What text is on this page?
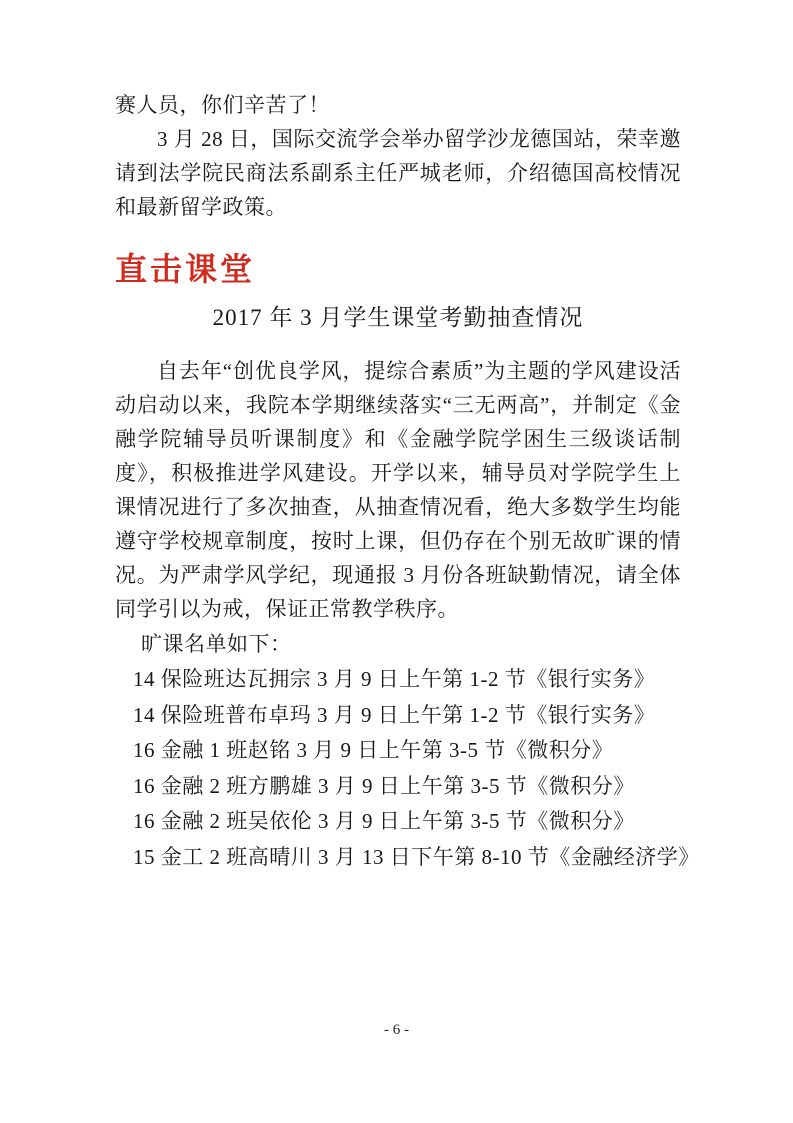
赛人员，你们辛苦了！

3 月 28 日，国际交流学会举办留学沙龙德国站，荣幸邀请到法学院民商法系副系主任严城老师，介绍德国高校情况和最新留学政策。

直击课堂
2017 年 3 月学生课堂考勤抽查情况

自去年“创优良学风，提综合素质”为主题的学风建设活动启动以来，我院本学期继续落实“三无两高”，并制定《金融学院辅导员听课制度》和《金融学院学困生三级谈话制度》，积极推进学风建设。开学以来，辅导员对学院学生上课情况进行了多次抽查，从抽查情况看，绝大多数学生均能遵守学校规章制度，按时上课，但仍存在个别无故旷课的情况。为严肃学风学纪，现通报 3 月份各班缺勤情况，请全体同学引以为戒，保证正常教学秩序。

旷课名单如下：
14 保险班达瓦拥宗 3 月 9 日上午第 1-2 节《银行实务》
14 保险班普布卓玛 3 月 9 日上午第 1-2 节《银行实务》
16 金融 1 班赵铭 3 月 9 日上午第 3-5 节《微积分》
16 金融 2 班方鹏雄 3 月 9 日上午第 3-5 节《微积分》
16 金融 2 班吴依伦 3 月 9 日上午第 3-5 节《微积分》
15 金工 2 班高晴川 3 月 13 日下午第 8-10 节《金融经济学》
- 6 -
